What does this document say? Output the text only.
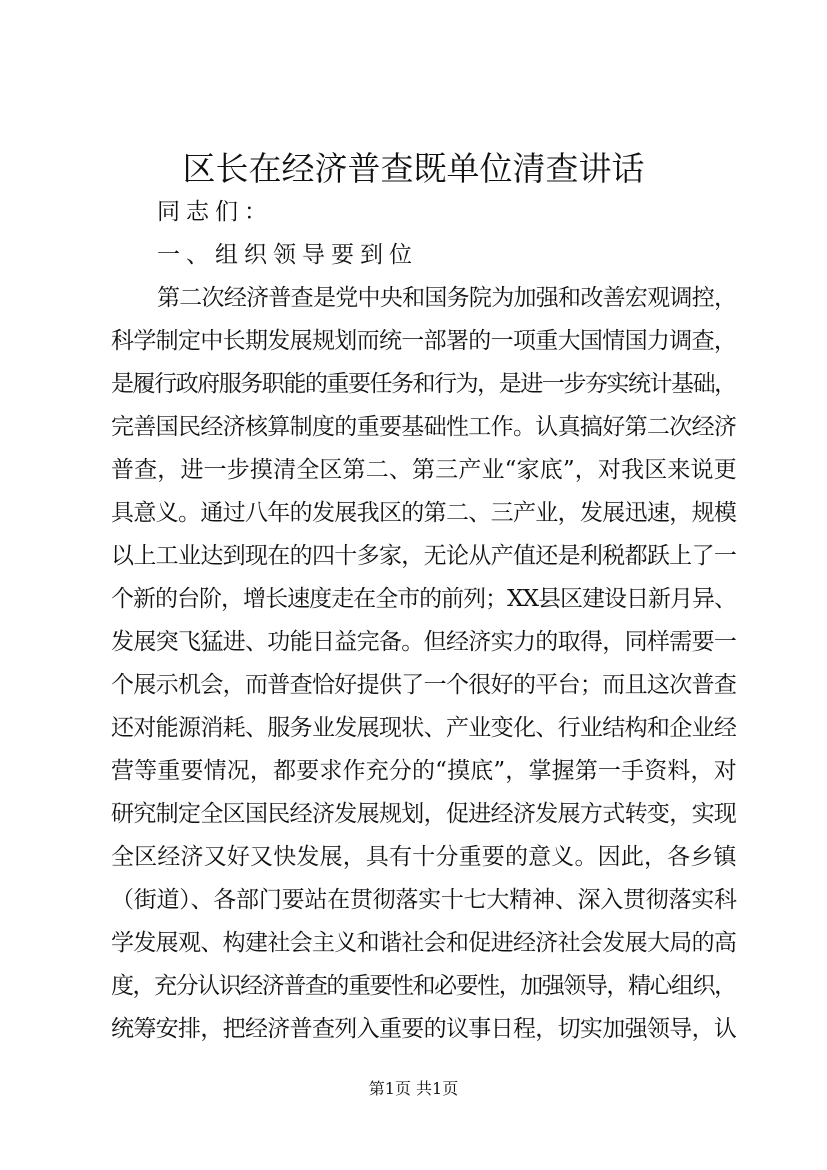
区长在经济普查既单位清查讲话
同志们：
一、组织领导要到位
第二次经济普查是党中央和国务院为加强和改善宏观调控，
科学制定中长期发展规划而统一部署的一项重大国情国力调查，
是履行政府服务职能的重要任务和行为，是进一步夯实统计基础，
完善国民经济核算制度的重要基础性工作。认真搞好第二次经济
普查，进一步摸清全区第二、第三产业“家底”，对我区来说更
具意义。通过八年的发展我区的第二、三产业，发展迅速，规模
以上工业达到现在的四十多家，无论从产值还是利税都跃上了一
个新的台阶，增长速度走在全市的前列；XX县区建设日新月异、
发展突飞猛进、功能日益完备。但经济实力的取得，同样需要一
个展示机会，而普查恰好提供了一个很好的平台；而且这次普查
还对能源消耗、服务业发展现状、产业变化、行业结构和企业经
营等重要情况，都要求作充分的“摸底”，掌握第一手资料，对
研究制定全区国民经济发展规划，促进经济发展方式转变，实现
全区经济又好又快发展，具有十分重要的意义。因此，各乡镇
（街道）、各部门要站在贯彻落实十七大精神、深入贯彻落实科
学发展观、构建社会主义和谐社会和促进经济社会发展大局的高
度，充分认识经济普查的重要性和必要性，加强领导，精心组织，
统筹安排，把经济普查列入重要的议事日程，切实加强领导，认
第1页 共1页
